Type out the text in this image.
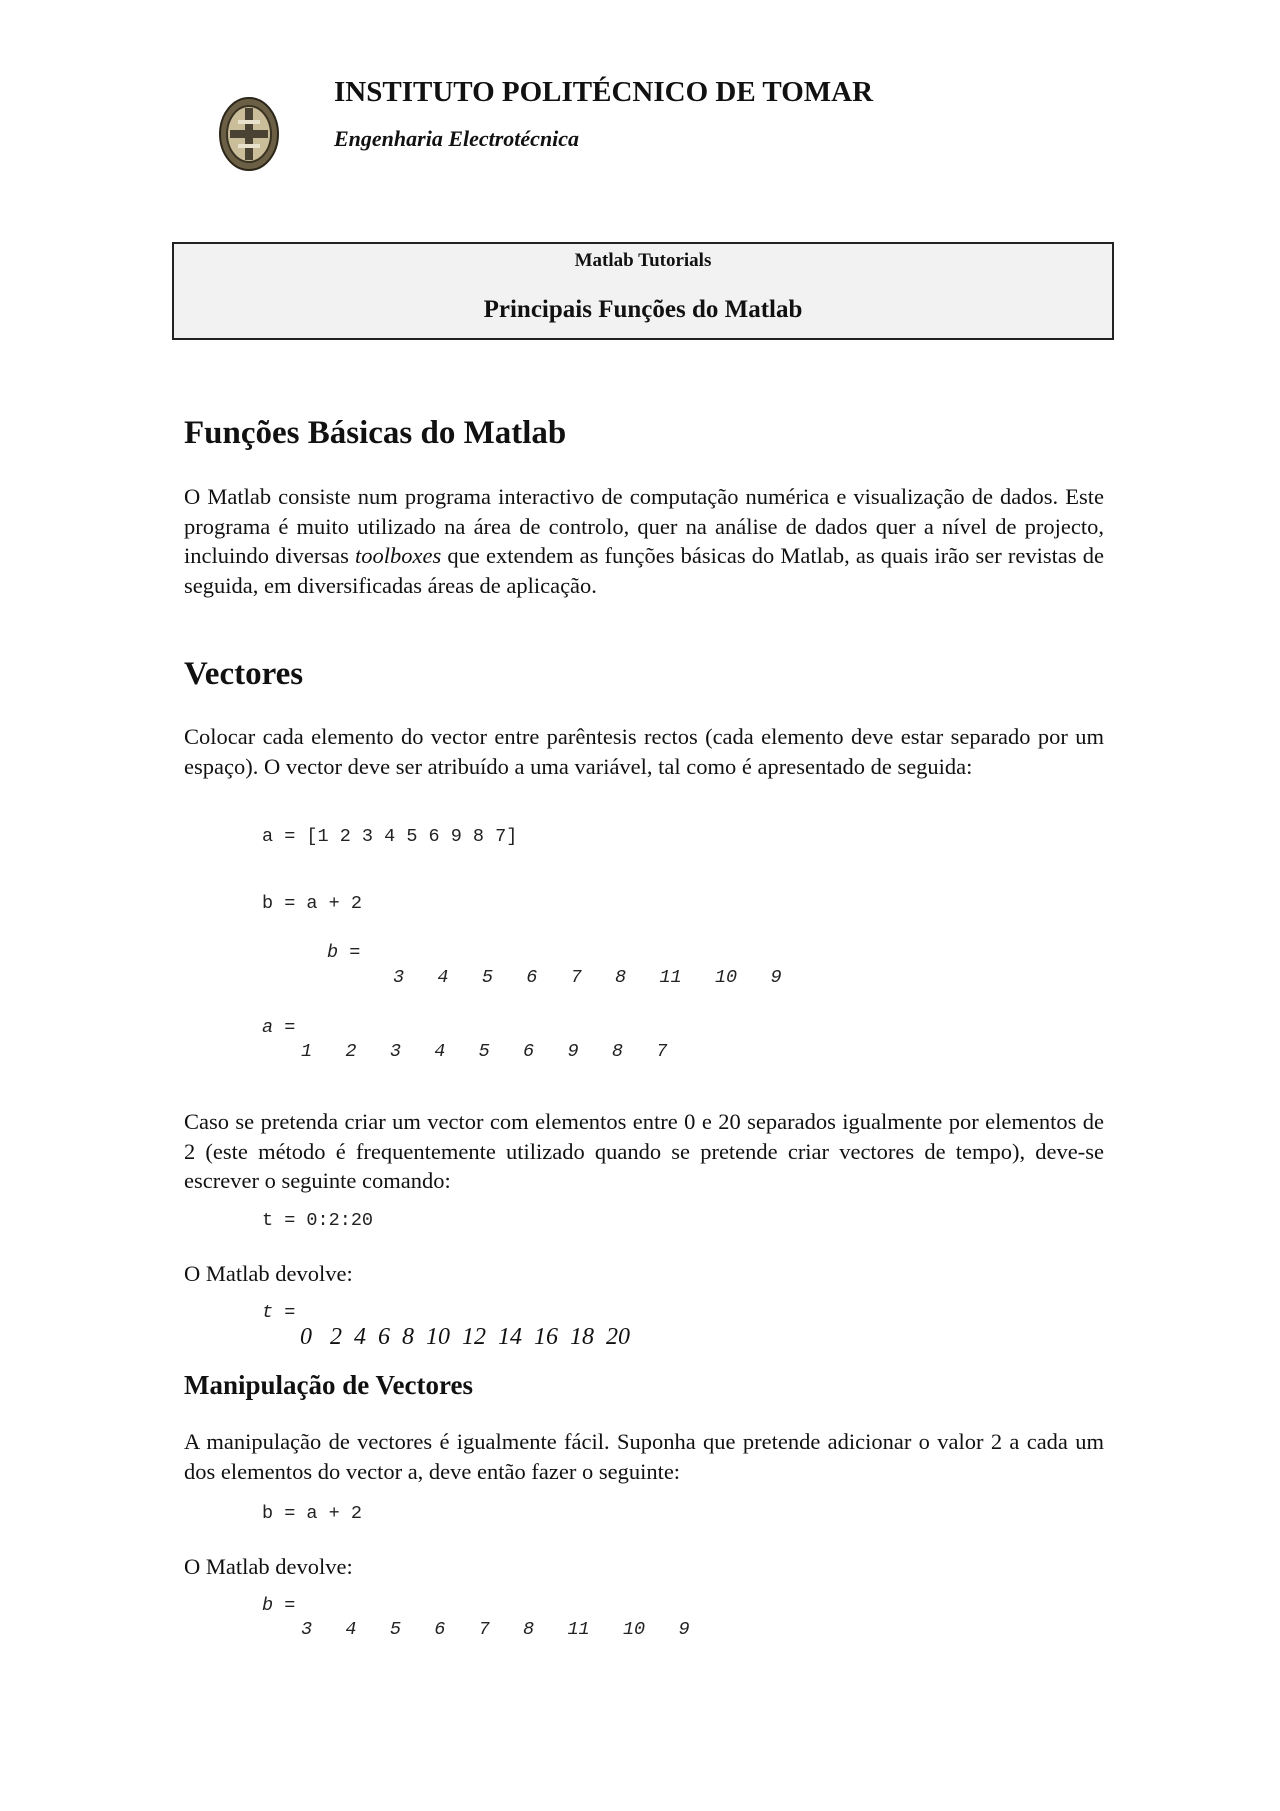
INSTITUTO POLITÉCNICO DE TOMAR
Engenharia Electrotécnica
Matlab Tutorials
Principais Funções do Matlab
Funções Básicas do Matlab

O Matlab consiste num programa interactivo de computação numérica e visualização de dados. Este programa é muito utilizado na área de controlo, quer na análise de dados quer a nível de projecto, incluindo diversas toolboxes que extendem as funções básicas do Matlab, as quais irão ser revistas de seguida, em diversificadas áreas de aplicação.

Vectores

Colocar cada elemento do vector entre parêntesis rectos (cada elemento deve estar separado por um espaço). O vector deve ser atribuído a uma variável, tal como é apresentado de seguida:

a = [1 2 3 4 5 6 9 8 7]
b = a + 2
b =
3   4   5   6   7   8   11   10   9
a =
1   2   3   4   5   6   9   8   7

Caso se pretenda criar um vector com elementos entre 0 e 20 separados igualmente por elementos de 2 (este método é frequentemente utilizado quando se pretende criar vectores de tempo), deve-se escrever o seguinte comando:

t = 0:2:20

O Matlab devolve:

t =
0   2  4  6  8  10  12  14  16  18  20
Manipulação de Vectores

A manipulação de vectores é igualmente fácil. Suponha que pretende adicionar o valor 2 a cada um dos elementos do vector a, deve então fazer o seguinte:

b = a + 2

O Matlab devolve:

b =
3   4   5   6   7   8   11   10   9
